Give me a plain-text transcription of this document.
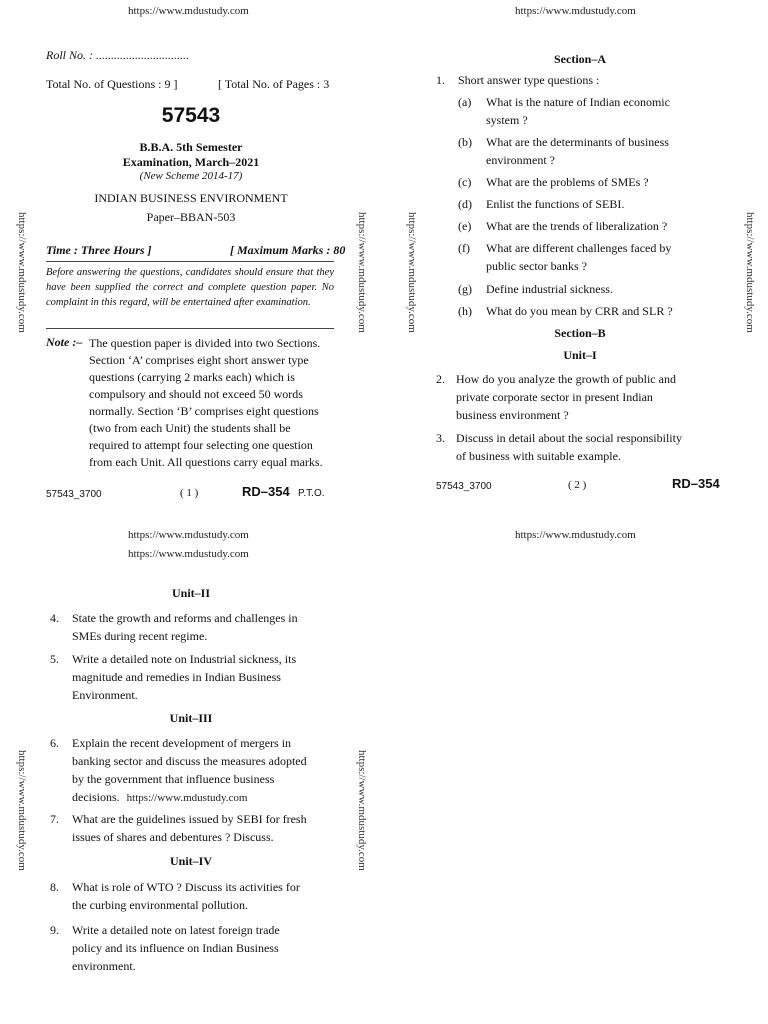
https://www.mdustudy.com	https://www.mdustudy.com
https://www.mdustudy.com	https://www.mdustudy.com	https://www.mdustudy.com	https://www.mdustudy.com
https://www.mdustudy.com	https://www.mdustudy.com
Roll No. : ...............................
Total No. of Questions : 9 ]	[ Total No. of Pages : 3
57543
B.B.A. 5th Semester
Examination, March–2021
(New Scheme 2014-17)
INDIAN BUSINESS ENVIRONMENT
Paper–BBAN-503
Time : Three Hours ]	[ Maximum Marks : 80
Before answering the questions, candidates should ensure that they have been supplied the correct and complete question paper. No complaint in this regard, will be entertained after examination.
Note :– The question paper is divided into two Sections.
Section ‘A’ comprises eight short answer type
questions (carrying 2 marks each) which is
compulsory and should not exceed 50 words
normally. Section ‘B’ comprises eight questions
(two from each Unit) the students shall be
required to attempt four selecting one question
from each Unit. All questions carry equal marks.
57543_3700	( 1 )	RD–354 P.T.O.
Section–A
1. Short answer type questions :
(a) What is the nature of Indian economic
system ?
(b) What are the determinants of business
environment ?
(c) What are the problems of SMEs ?
(d) Enlist the functions of SEBI.
(e) What are the trends of liberalization ?
(f) What are different challenges faced by
public sector banks ?
(g) Define industrial sickness.
(h) What do you mean by CRR and SLR ?
Section–B
Unit–I
2. How do you analyze the growth of public and
private corporate sector in present Indian
business environment ?
3. Discuss in detail about the social responsibility
of business with suitable example.
57543_3700	( 2 )	RD–354
https://www.mdustudy.com
https://www.mdustudy.com
https://www.mdustudy.com
Unit–II
4. State the growth and reforms and challenges in
SMEs during recent regime.
5. Write a detailed note on Industrial sickness, its
magnitude and remedies in Indian Business
Environment.
Unit–III
6. Explain the recent development of mergers in
banking sector and discuss the measures adopted
by the government that influence business
decisions. https://www.mdustudy.com
7. What are the guidelines issued by SEBI for fresh
issues of shares and debentures ? Discuss.
Unit–IV
8. What is role of WTO ? Discuss its activities for
the curbing environmental pollution.
9. Write a detailed note on latest foreign trade
policy and its influence on Indian Business
environment.
